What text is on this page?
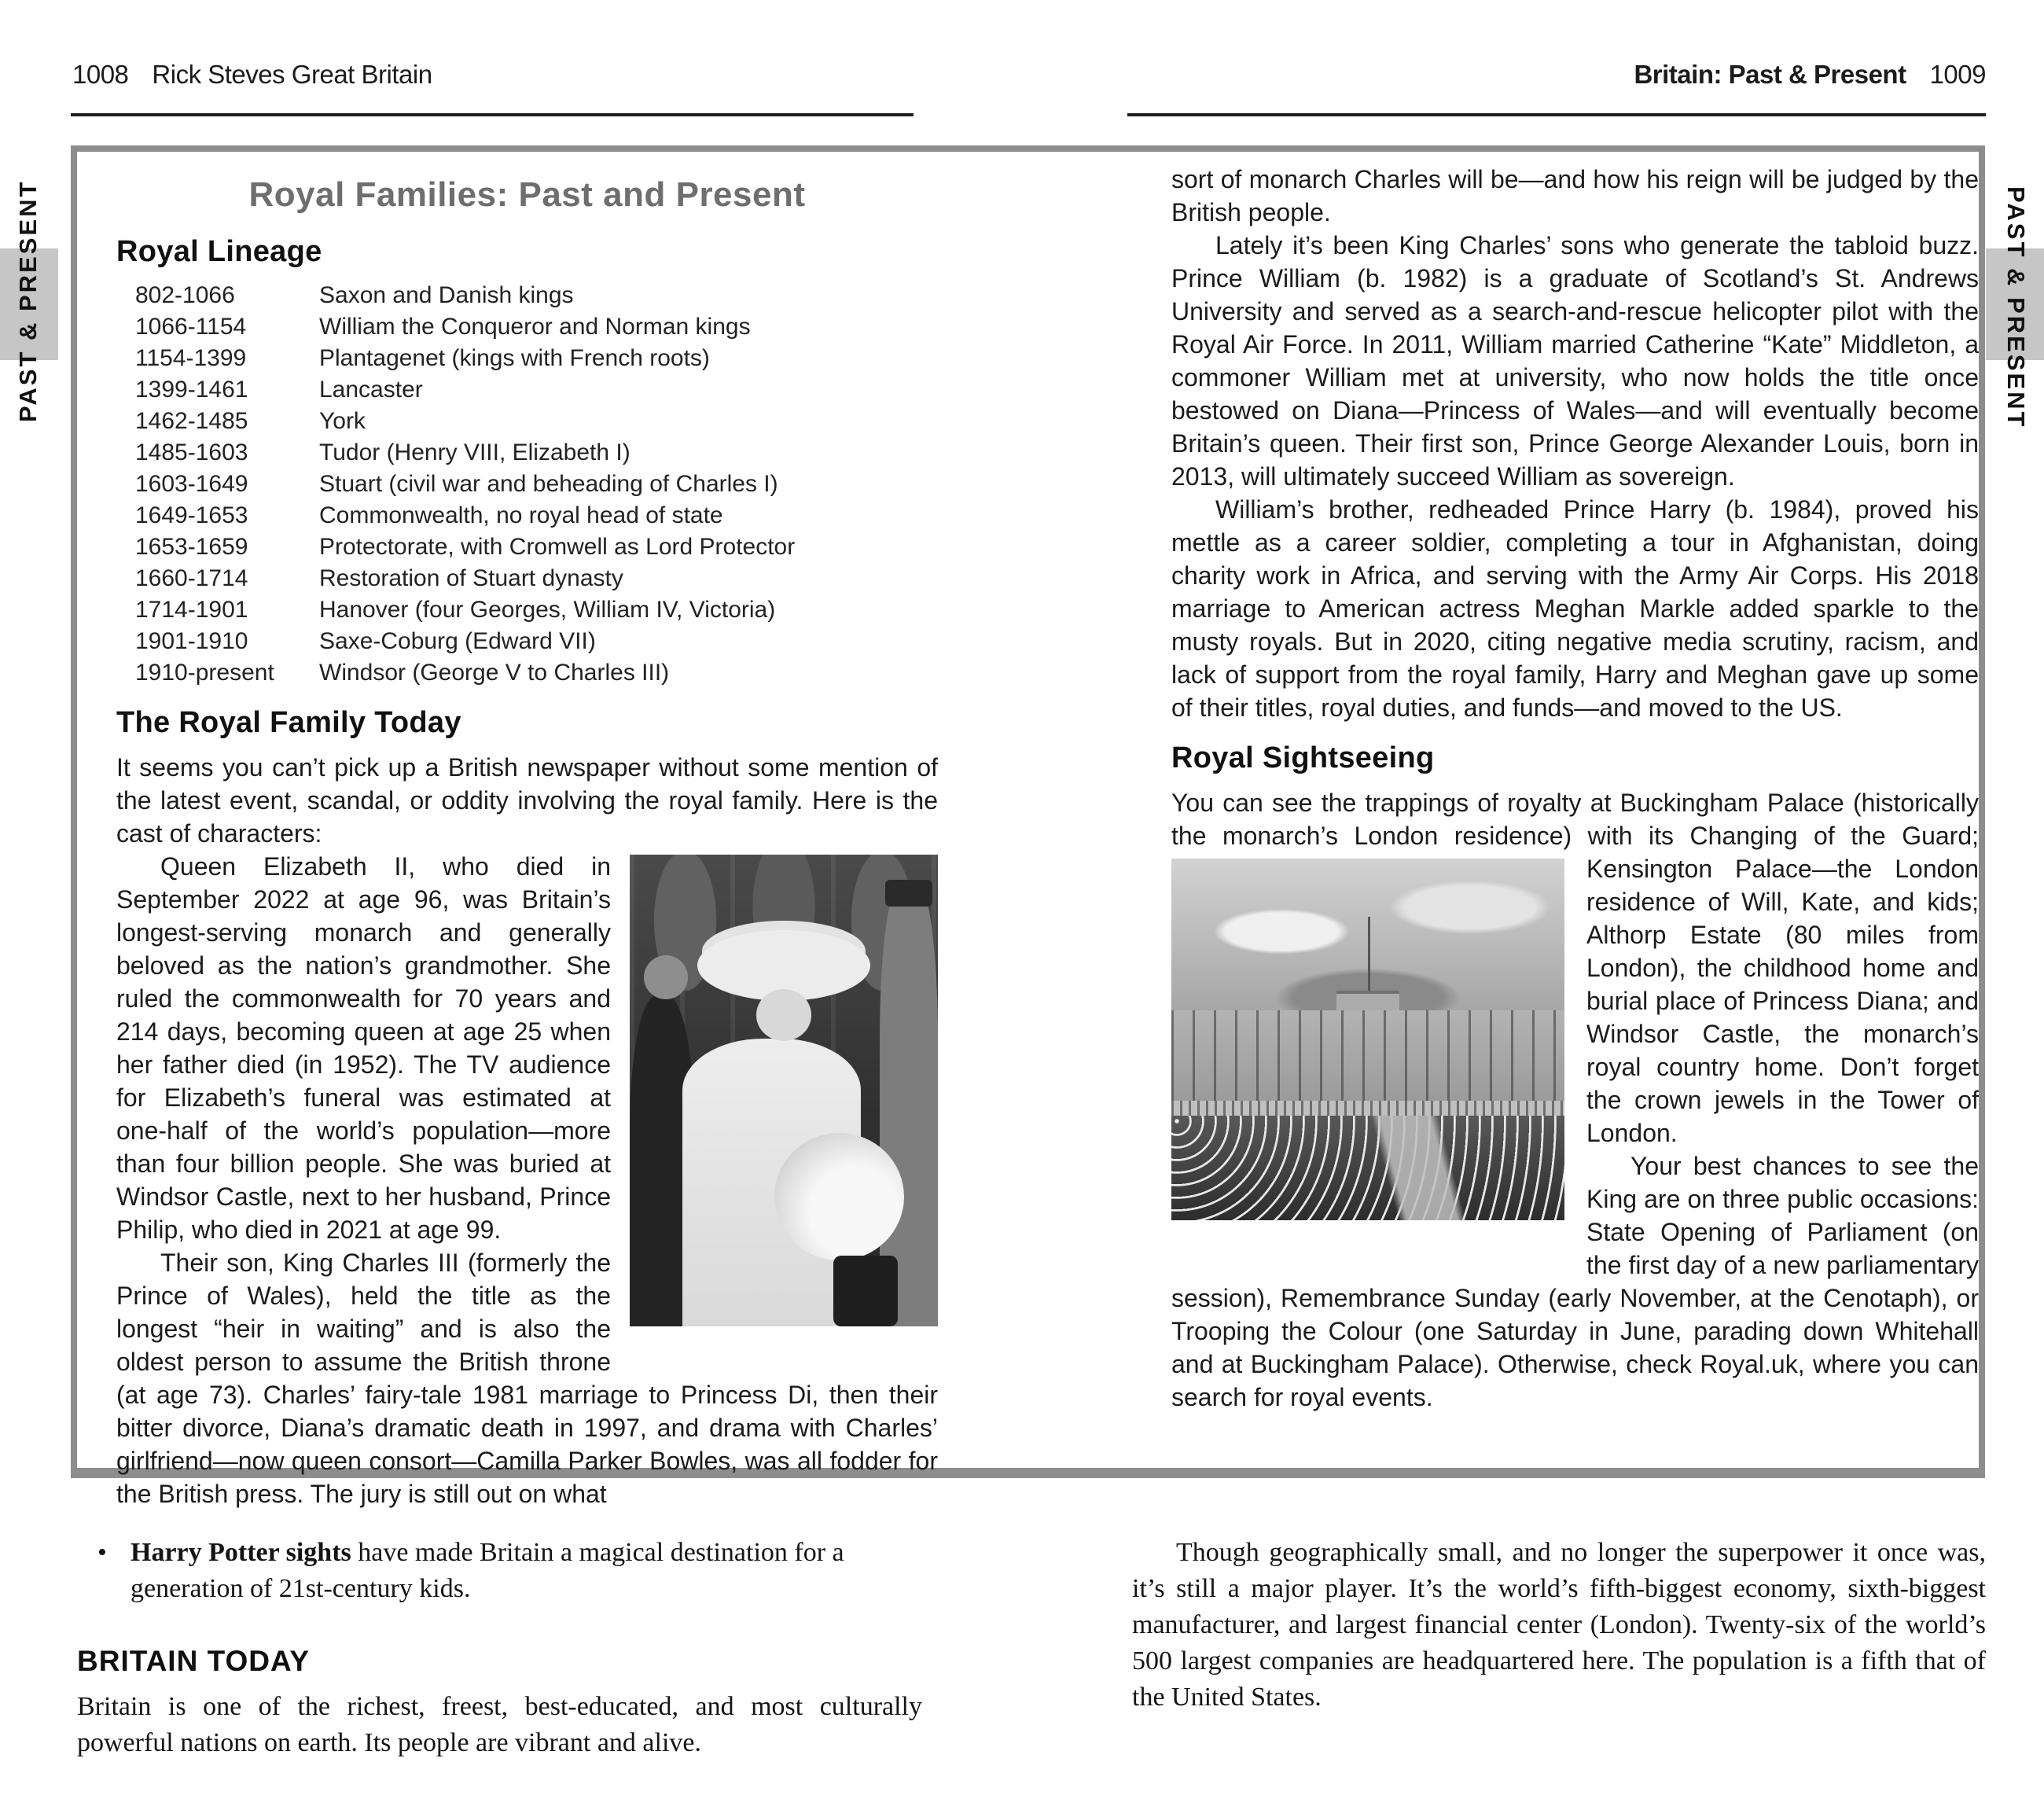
1008 Rick Steves Great Britain	Britain: Past & Present 1009
PAST & PRESENT	PAST & PRESENT
Royal Families: Past and Present
Royal Lineage
802-1066	Saxon and Danish kings
1066-1154	William the Conqueror and Norman kings
1154-1399	Plantagenet (kings with French roots)
1399-1461	Lancaster
1462-1485	York
1485-1603	Tudor (Henry VIII, Elizabeth I)
1603-1649	Stuart (civil war and beheading of Charles I)
1649-1653	Commonwealth, no royal head of state
1653-1659	Protectorate, with Cromwell as Lord Protector
1660-1714	Restoration of Stuart dynasty
1714-1901	Hanover (four Georges, William IV, Victoria)
1901-1910	Saxe-Coburg (Edward VII)
1910-present	Windsor (George V to Charles III)
The Royal Family Today

It seems you can’t pick up a British newspaper without some mention of the latest event, scandal, or oddity involving the royal family. Here is the cast of characters:

Queen Elizabeth II, who died in September 2022 at age 96, was Britain’s longest-serving monarch and generally beloved as the nation’s grandmother. She ruled the commonwealth for 70 years and 214 days, becoming queen at age 25 when her father died (in 1952). The TV audience for Elizabeth’s funeral was estimated at one-half of the world’s population—more than four billion people. She was buried at Windsor Castle, next to her husband, Prince Philip, who died in 2021 at age 99.

Their son, King Charles III (formerly the Prince of Wales), held the title as the longest “heir in waiting” and is also the oldest person to assume the British throne (at age 73). Charles’ fairy-tale 1981 marriage to Princess Di, then their bitter divorce, Diana’s dramatic death in 1997, and drama with Charles’ girlfriend—now queen consort—Camilla Parker Bowles, was all fodder for the British press. The jury is still out on what

sort of monarch Charles will be—and how his reign will be judged by the British people.

Lately it’s been King Charles’ sons who generate the tabloid buzz. Prince William (b. 1982) is a graduate of Scotland’s St. Andrews University and served as a search-and-rescue helicopter pilot with the Royal Air Force. In 2011, William married Catherine “Kate” Middleton, a commoner William met at university, who now holds the title once bestowed on Diana—Princess of Wales—and will eventually become Britain’s queen. Their first son, Prince George Alexander Louis, born in 2013, will ultimately succeed William as sovereign.

William’s brother, redheaded Prince Harry (b. 1984), proved his mettle as a career soldier, completing a tour in Afghanistan, doing charity work in Africa, and serving with the Army Air Corps. His 2018 marriage to American actress Meghan Markle added sparkle to the musty royals. But in 2020, citing negative media scrutiny, racism, and lack of support from the royal family, Harry and Meghan gave up some of their titles, royal duties, and funds—and moved to the US.

Royal Sightseeing

You can see the trappings of royalty at Buckingham Palace (historically the monarch’s London residence) with its Changing of the Guard; Kensington Palace—the London residence of Will, Kate, and kids; Althorp Estate (80 miles from London), the childhood home and burial place of Princess Diana; and Windsor Castle, the monarch’s royal country home. Don’t forget the crown jewels in the Tower of London.

Your best chances to see the King are on three public occasions: State Opening of Parliament (on the first day of a new parliamentary session), Remembrance Sunday (early November, at the Cenotaph), or Trooping the Colour (one Saturday in June, parading down Whitehall and at Buckingham Palace). Otherwise, check Royal.uk, where you can search for royal events.

• Harry Potter sights have made Britain a magical destination for a generation of 21st-century kids.
BRITAIN TODAY

Britain is one of the richest, freest, best-educated, and most culturally powerful nations on earth. Its people are vibrant and alive.

Though geographically small, and no longer the superpower it once was, it’s still a major player. It’s the world’s fifth-biggest economy, sixth-biggest manufacturer, and largest financial center (London). Twenty-six of the world’s 500 largest companies are headquartered here. The population is a fifth that of the United States.
